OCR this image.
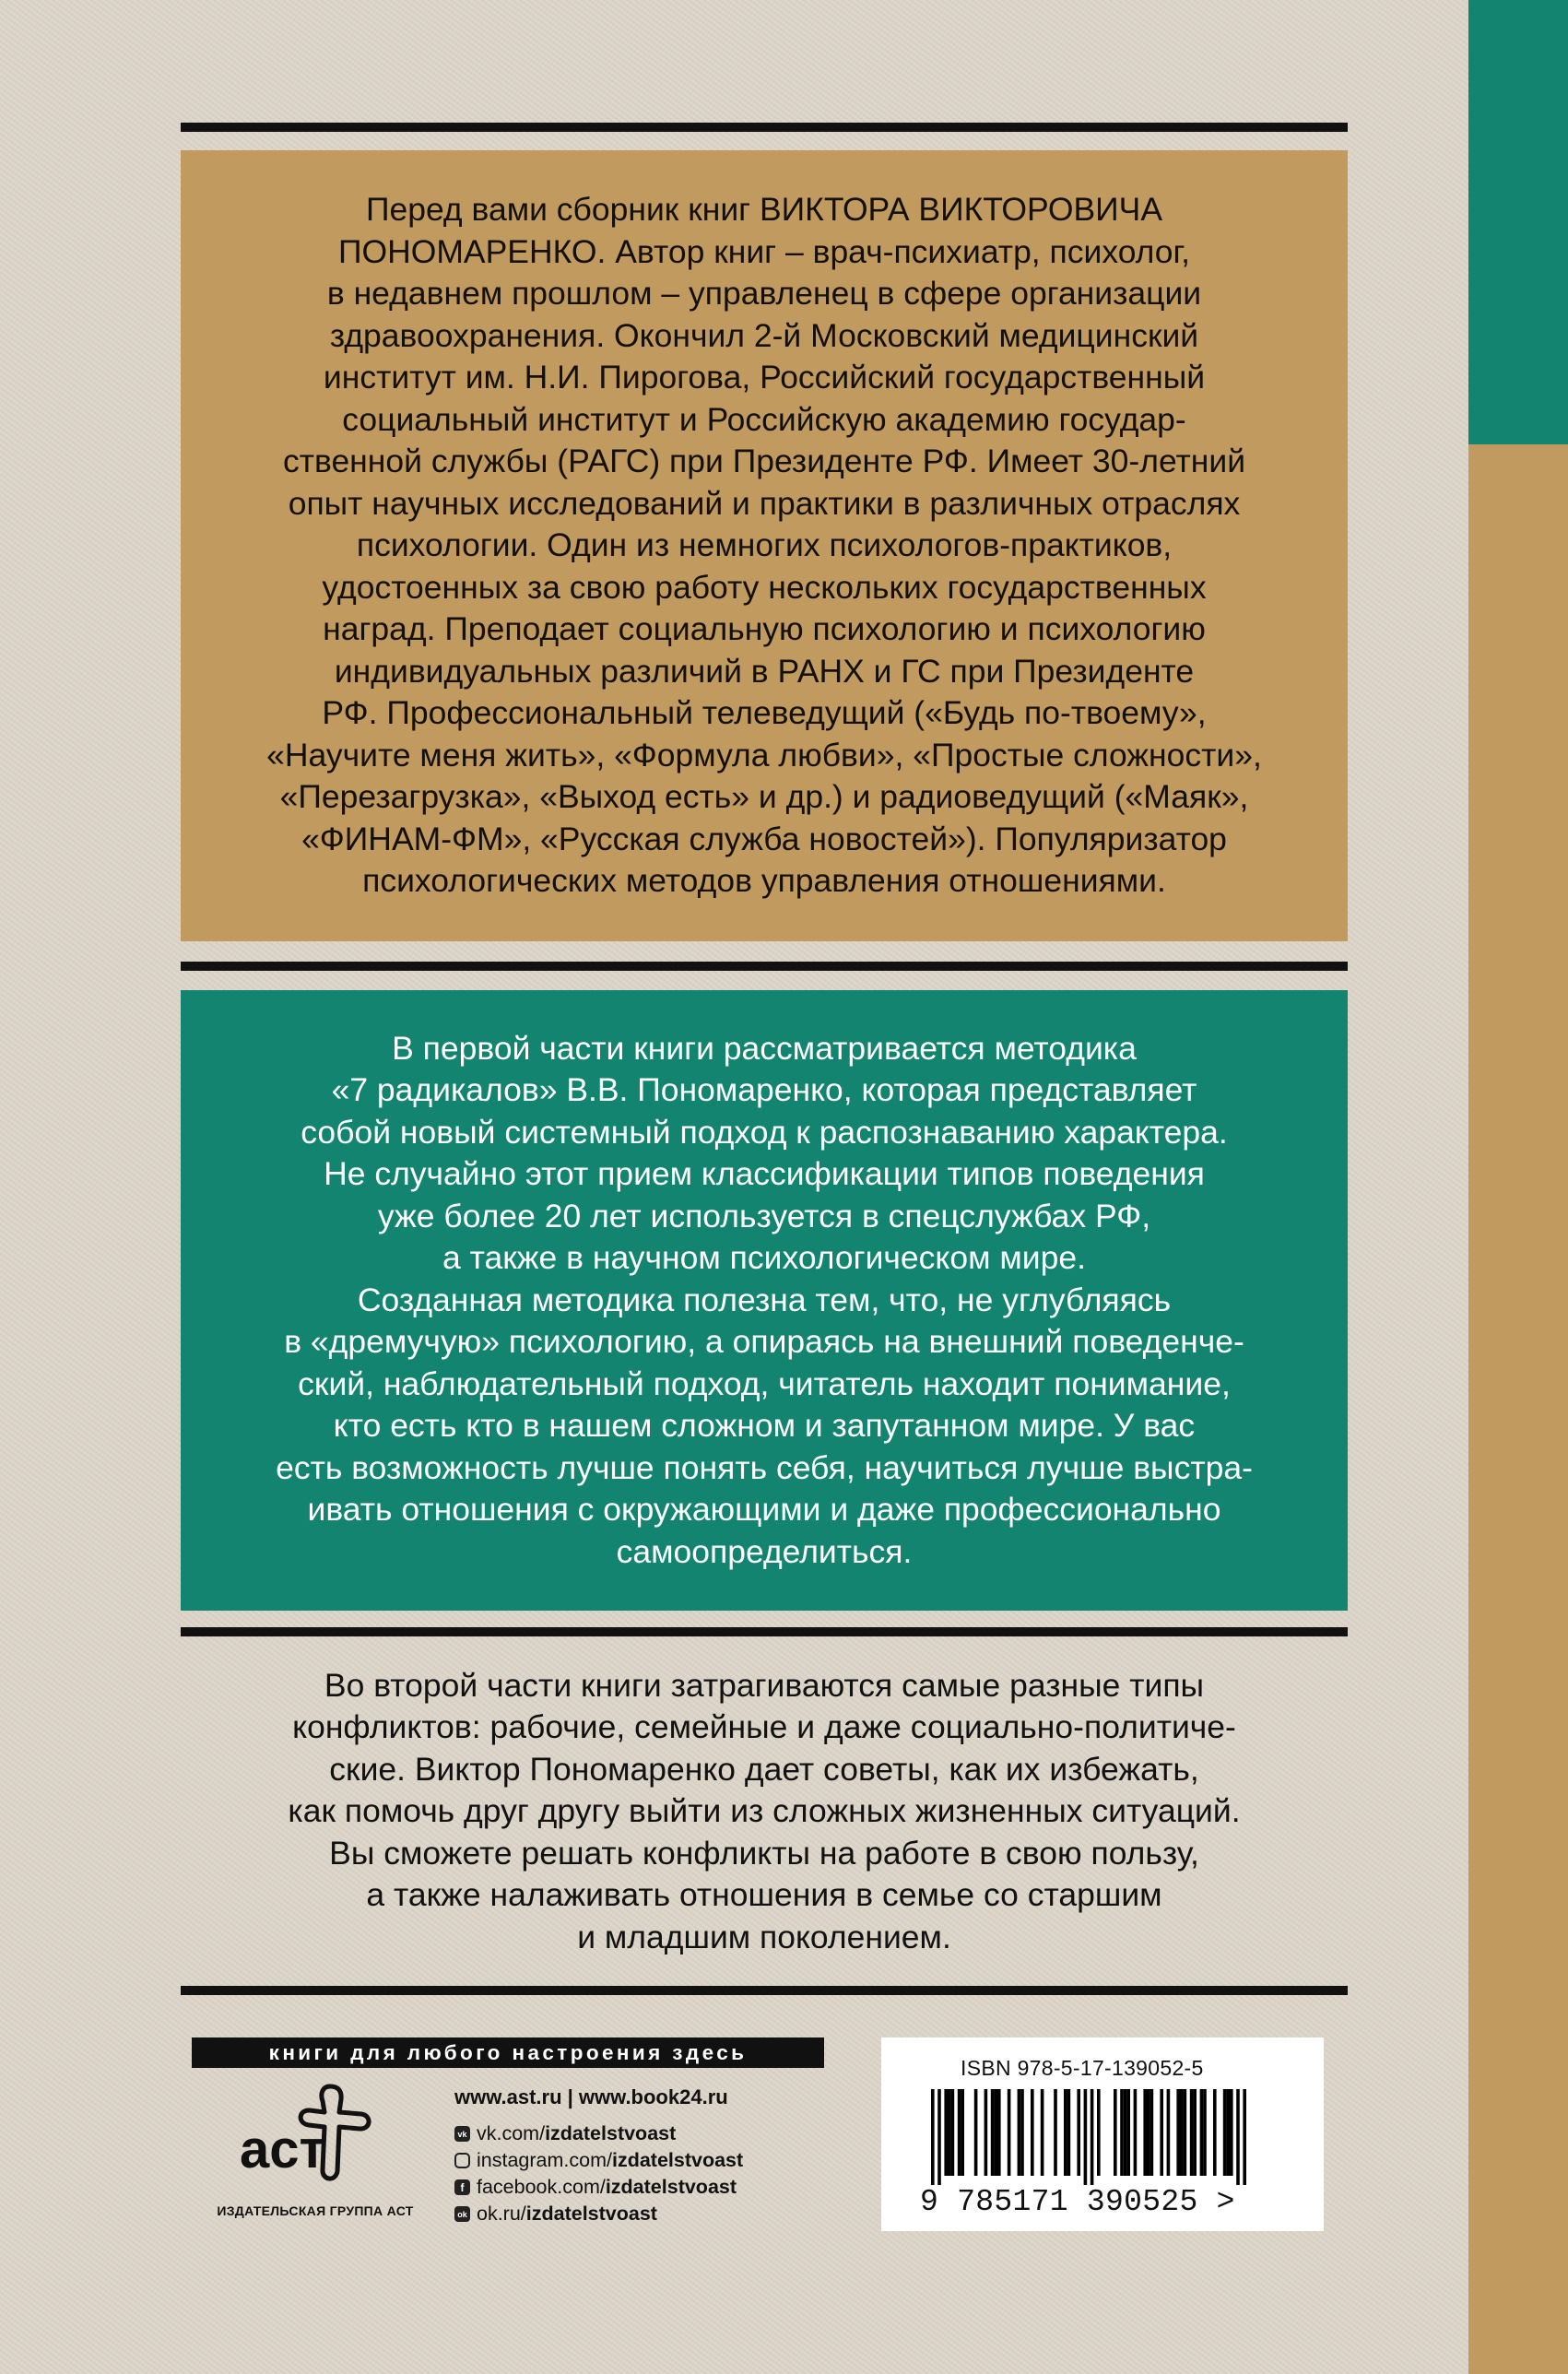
Перед вами сборник книг ВИКТОРА ВИКТОРОВИЧА
ПОНОМАРЕНКО. Автор книг – врач-психиатр, психолог,
в недавнем прошлом – управленец в сфере организации
здравоохранения. Окончил 2-й Московский медицинский
институт им. Н.И. Пирогова, Российский государственный
социальный институт и Российскую академию государ-
ственной службы (РАГС) при Президенте РФ. Имеет 30-летний
опыт научных исследований и практики в различных отраслях
психологии. Один из немногих психологов-практиков,
удостоенных за свою работу нескольких государственных
наград. Преподает социальную психологию и психологию
индивидуальных различий в РАНХ и ГС при Президенте
РФ. Профессиональный телеведущий («Будь по-твоему»,
«Научите меня жить», «Формула любви», «Простые сложности»,
«Перезагрузка», «Выход есть» и др.) и радиоведущий («Маяк»,
«ФИНАМ-ФМ», «Русская служба новостей»). Популяризатор
психологических методов управления отношениями.
В первой части книги рассматривается методика
«7 радикалов» В.В. Пономаренко, которая представляет
собой новый системный подход к распознаванию характера.
Не случайно этот прием классификации типов поведения
уже более 20 лет используется в спецслужбах РФ,
а также в научном психологическом мире.
Созданная методика полезна тем, что, не углубляясь
в «дремучую» психологию, а опираясь на внешний поведенче-
ский, наблюдательный подход, читатель находит понимание,
кто есть кто в нашем сложном и запутанном мире. У вас
есть возможность лучше понять себя, научиться лучше выстра-
ивать отношения с окружающими и даже профессионально
самоопределиться.
Во второй части книги затрагиваются самые разные типы
конфликтов: рабочие, семейные и даже социально-политиче-
ские. Виктор Пономаренко дает советы, как их избежать,
как помочь друг другу выйти из сложных жизненных ситуаций.
Вы сможете решать конфликты на работе в свою пользу,
а также налаживать отношения в семье со старшим
и младшим поколением.
книги для любого настроения здесь
аст
ИЗДАТЕЛЬСКАЯ ГРУППА АСТ
www.ast.ru | www.book24.ru
vk vk.com/ izdatelstvoast
instagram.com/ izdatelstvoast
f facebook.com/ izdatelstvoast
ok ok.ru/ izdatelstvoast
ISBN 978-5-17-139052-5
9 785171 390525 >
